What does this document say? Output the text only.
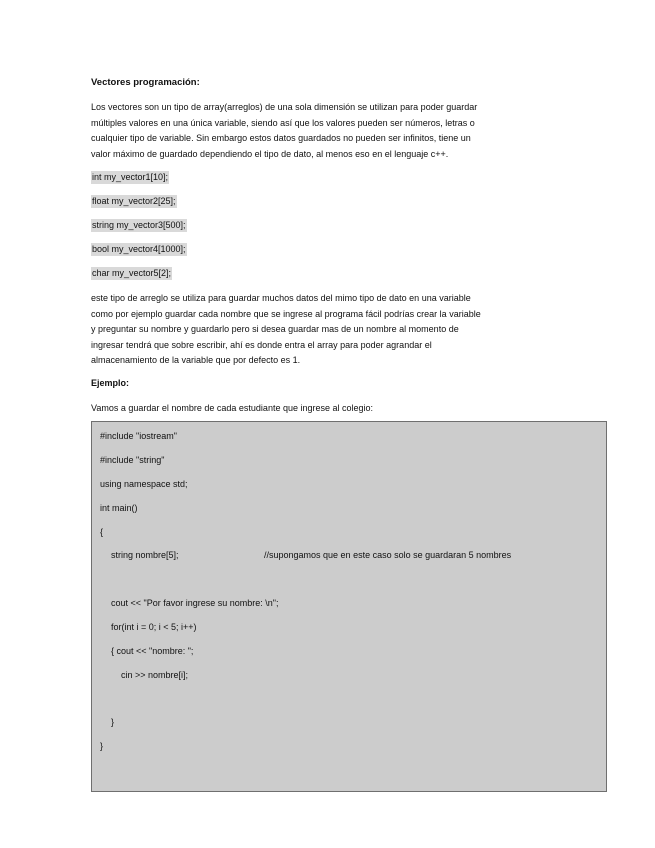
Vectores programación:
Los vectores son un tipo de array(arreglos) de una sola dimensión se utilizan para poder guardar
múltiples valores en una única variable, siendo así que los valores pueden ser números, letras o
cualquier tipo de variable. Sin embargo estos datos guardados no pueden ser infinitos, tiene un
valor máximo de guardado dependiendo el tipo de dato, al menos eso en el lenguaje c++.
int my_vector1[10];
float my_vector2[25];
string my_vector3[500];
bool my_vector4[1000];
char my_vector5[2];
este tipo de arreglo se utiliza para guardar muchos datos del mimo tipo de dato en una variable
como por ejemplo guardar cada nombre que se ingrese al programa fácil podrías crear la variable
y preguntar su nombre y guardarlo pero si desea guardar mas de un nombre al momento de
ingresar tendrá que sobre escribir, ahí es donde entra el array para poder agrandar el
almacenamiento de la variable que por defecto es 1.
Ejemplo:
Vamos a guardar el nombre de cada estudiante que ingrese al colegio:
#include "iostream"
#include "string"
using namespace std;
int main()
{
string nombre[5];	//supongamos que en este caso solo se guardaran 5 nombres
cout << "Por favor ingrese su nombre: \n";
for(int i = 0; i < 5; i++)
{ cout << "nombre: ";
cin >> nombre[i];
}
}
